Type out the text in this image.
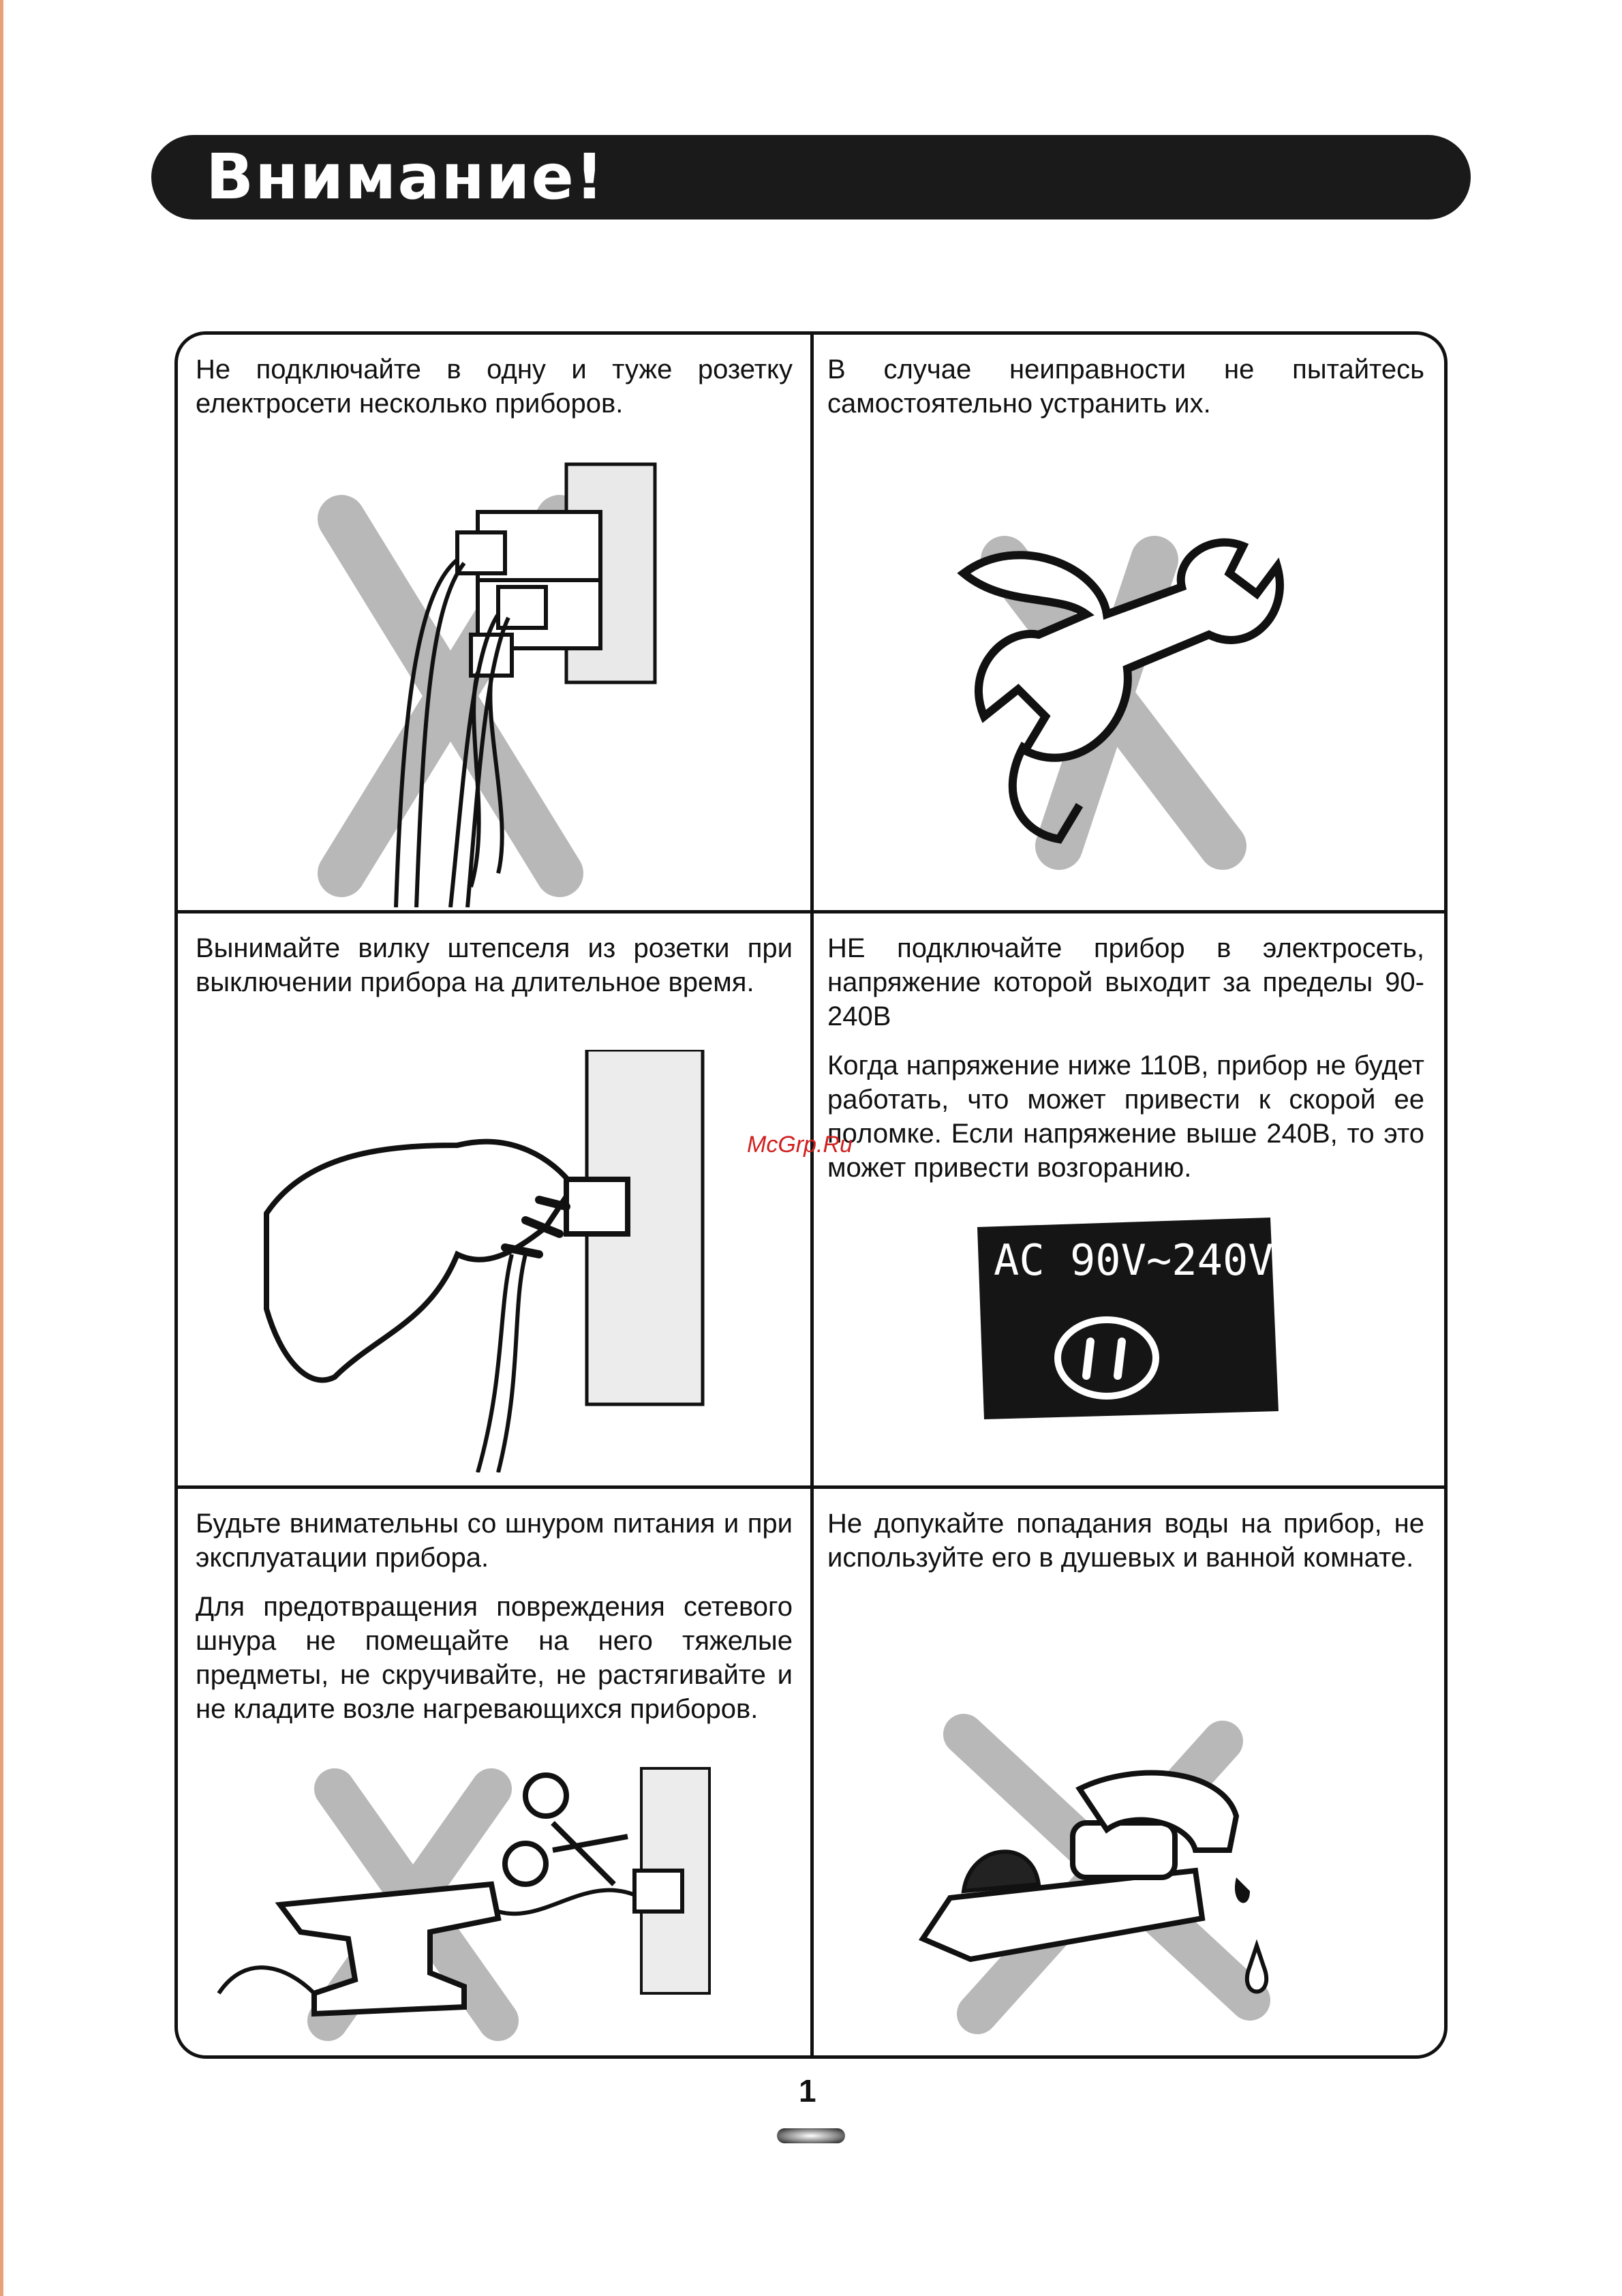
Внимание!

Не подключайте в одну и туже розетку електросети несколько приборов.

В случае неиправности не пытайтесь самостоятельно устранить их.

Вынимайте вилку штепселя из розетки при выключении прибора на длительное время.

НЕ подключайте прибор в электросеть, напряжение которой выходит за пределы 90-240В

Когда напряжение ниже 110В, прибор не будет работать, что может привести к скорой ее поломке. Если напряжение выше 240В, то это может привести возгоранию.

AC 90V~240V

Будьте внимательны со шнуром питания и при эксплуатации прибора.

Для предотвращения повреждения сетевого шнура не помещайте на него тяжелые предметы, не скручивайте, не растягивайте и не кладите возле нагревающихся приборов.

Не допукайте попадания воды на прибор, не используйте его в душевых и ванной комнате.

McGrp.Ru
1
